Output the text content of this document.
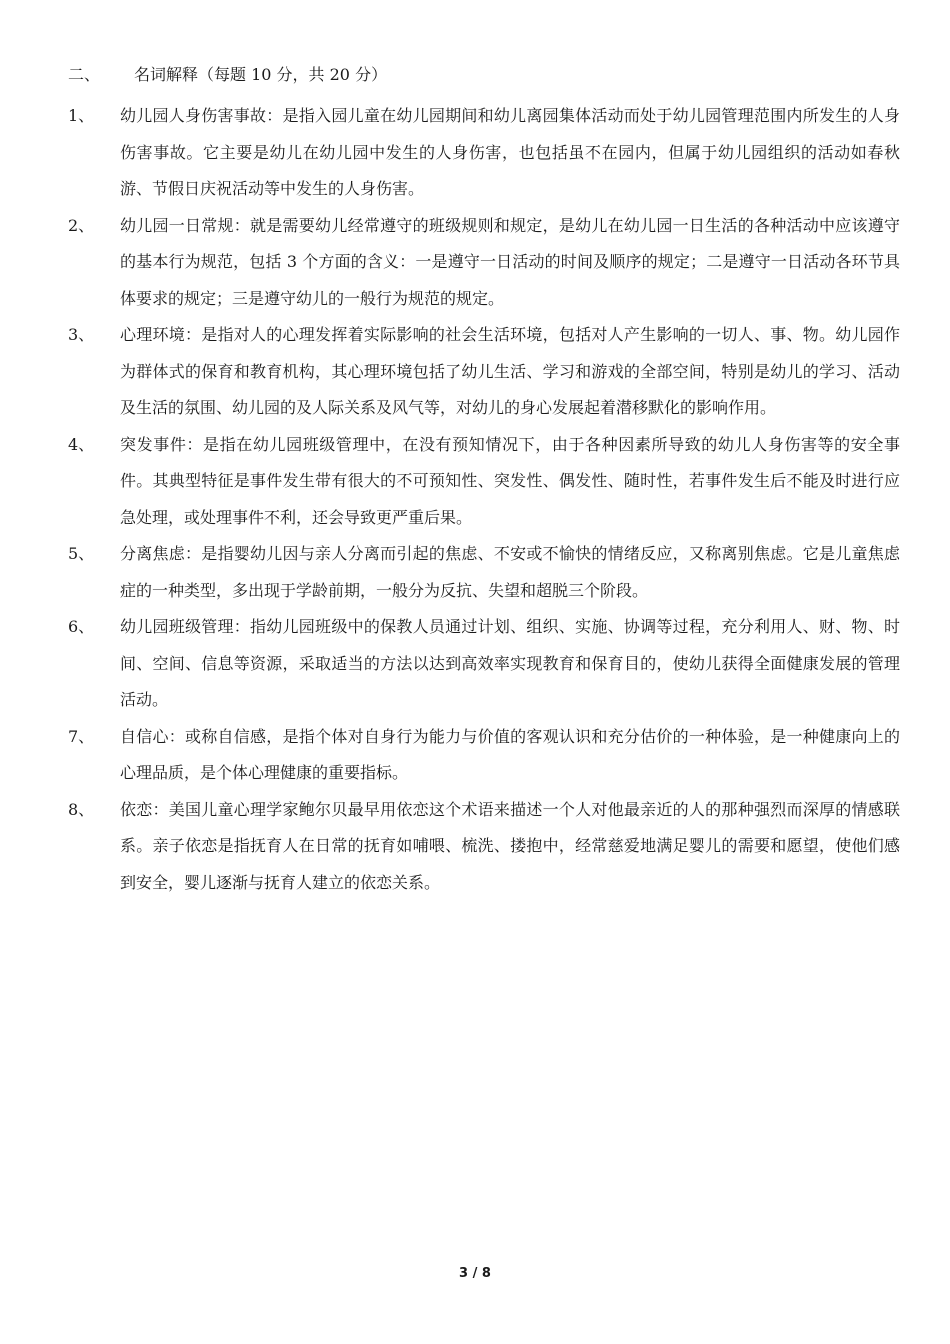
二、 名词解释（每题 10 分，共 20 分）

1、 幼儿园人身伤害事故：是指入园儿童在幼儿园期间和幼儿离园集体活动而处于幼儿园管理范围内所发生的人身伤害事故。它主要是幼儿在幼儿园中发生的人身伤害，也包括虽不在园内，但属于幼儿园组织的活动如春秋游、节假日庆祝活动等中发生的人身伤害。

2、 幼儿园一日常规：就是需要幼儿经常遵守的班级规则和规定，是幼儿在幼儿园一日生活的各种活动中应该遵守的基本行为规范，包括 3 个方面的含义：一是遵守一日活动的时间及顺序的规定；二是遵守一日活动各环节具体要求的规定；三是遵守幼儿的一般行为规范的规定。

3、 心理环境：是指对人的心理发挥着实际影响的社会生活环境，包括对人产生影响的一切人、事、物。幼儿园作为群体式的保育和教育机构，其心理环境包括了幼儿生活、学习和游戏的全部空间，特别是幼儿的学习、活动及生活的氛围、幼儿园的及人际关系及风气等，对幼儿的身心发展起着潜移默化的影响作用。

4、 突发事件：是指在幼儿园班级管理中，在没有预知情况下，由于各种因素所导致的幼儿人身伤害等的安全事件。其典型特征是事件发生带有很大的不可预知性、突发性、偶发性、随时性，若事件发生后不能及时进行应急处理，或处理事件不利，还会导致更严重后果。

5、 分离焦虑：是指婴幼儿因与亲人分离而引起的焦虑、不安或不愉快的情绪反应，又称离别焦虑。它是儿童焦虑症的一种类型，多出现于学龄前期，一般分为反抗、失望和超脱三个阶段。

6、 幼儿园班级管理：指幼儿园班级中的保教人员通过计划、组织、实施、协调等过程，充分利用人、财、物、时间、空间、信息等资源，采取适当的方法以达到高效率实现教育和保育目的，使幼儿获得全面健康发展的管理活动。

7、 自信心：或称自信感，是指个体对自身行为能力与价值的客观认识和充分估价的一种体验，是一种健康向上的心理品质，是个体心理健康的重要指标。

8、 依恋：美国儿童心理学家鲍尔贝最早用依恋这个术语来描述一个人对他最亲近的人的那种强烈而深厚的情感联系。亲子依恋是指抚育人在日常的抚育如哺喂、梳洗、搂抱中，经常慈爱地满足婴儿的需要和愿望，使他们感到安全，婴儿逐渐与抚育人建立的依恋关系。

3 / 8
